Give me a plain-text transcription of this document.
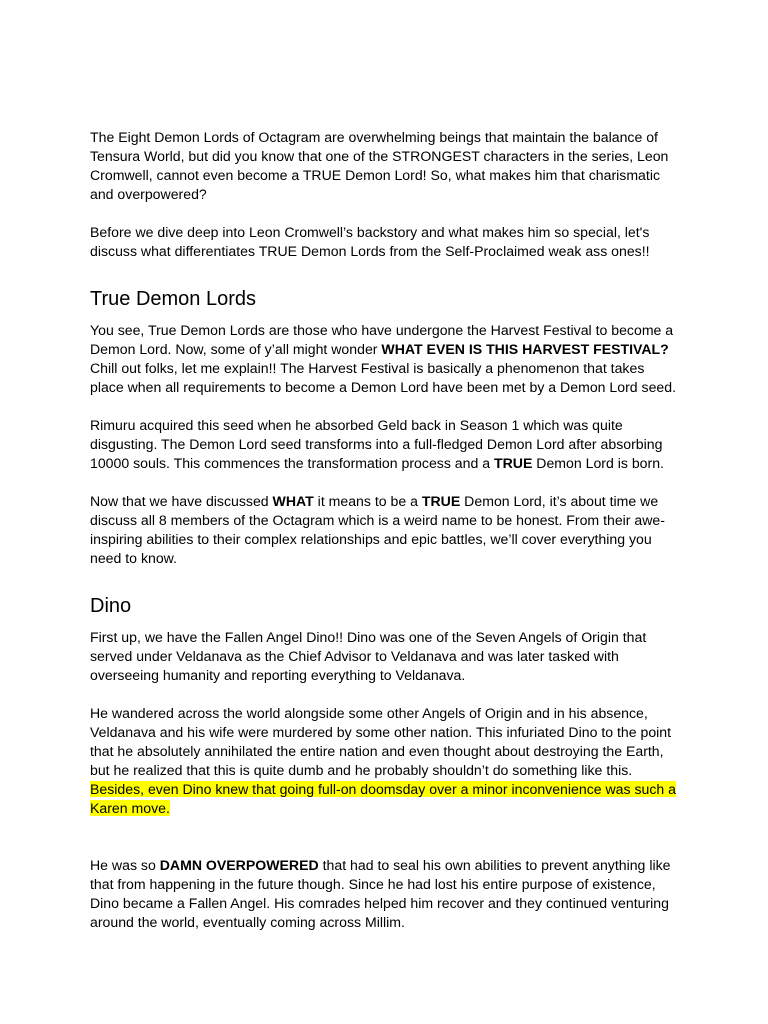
The Eight Demon Lords of Octagram are overwhelming beings that maintain the balance of Tensura World, but did you know that one of the STRONGEST characters in the series, Leon Cromwell, cannot even become a TRUE Demon Lord! So, what makes him that charismatic and overpowered?

Before we dive deep into Leon Cromwell’s backstory and what makes him so special, let's discuss what differentiates TRUE Demon Lords from the Self-Proclaimed weak ass ones!!

True Demon Lords

You see, True Demon Lords are those who have undergone the Harvest Festival to become a Demon Lord. Now, some of y’all might wonder WHAT EVEN IS THIS HARVEST FESTIVAL? Chill out folks, let me explain!! The Harvest Festival is basically a phenomenon that takes place when all requirements to become a Demon Lord have been met by a Demon Lord seed.

Rimuru acquired this seed when he absorbed Geld back in Season 1 which was quite disgusting. The Demon Lord seed transforms into a full-fledged Demon Lord after absorbing 10000 souls. This commences the transformation process and a TRUE Demon Lord is born.

Now that we have discussed WHAT it means to be a TRUE Demon Lord, it’s about time we discuss all 8 members of the Octagram which is a weird name to be honest. From their awe-inspiring abilities to their complex relationships and epic battles, we’ll cover everything you need to know.

Dino

First up, we have the Fallen Angel Dino!! Dino was one of the Seven Angels of Origin that served under Veldanava as the Chief Advisor to Veldanava and was later tasked with overseeing humanity and reporting everything to Veldanava.

He wandered across the world alongside some other Angels of Origin and in his absence, Veldanava and his wife were murdered by some other nation. This infuriated Dino to the point that he absolutely annihilated the entire nation and even thought about destroying the Earth, but he realized that this is quite dumb and he probably shouldn’t do something like this. Besides, even Dino knew that going full-on doomsday over a minor inconvenience was such a Karen move.

He was so DAMN OVERPOWERED that had to seal his own abilities to prevent anything like that from happening in the future though. Since he had lost his entire purpose of existence, Dino became a Fallen Angel. His comrades helped him recover and they continued venturing around the world, eventually coming across Millim.
